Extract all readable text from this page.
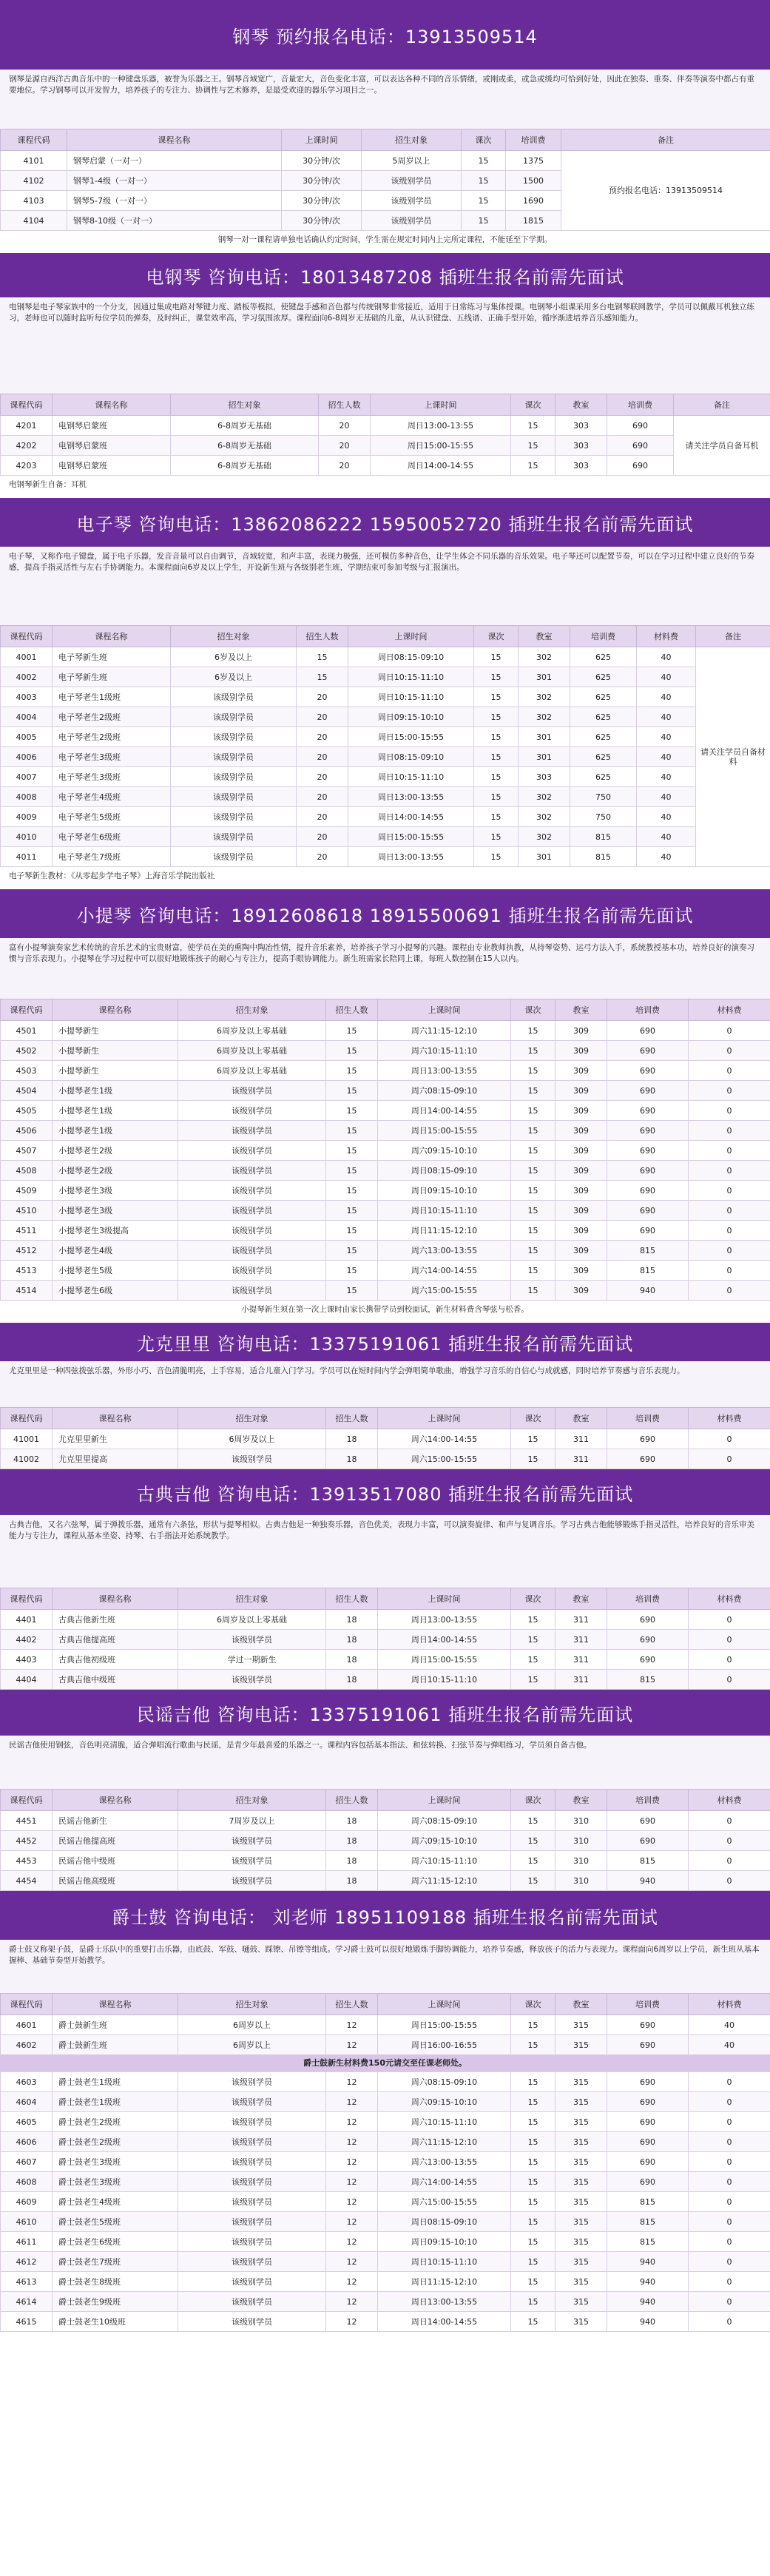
钢琴 预约报名电话：13913509514
钢琴是源自西洋古典音乐中的一种键盘乐器，被誉为乐器之王。钢琴音域宽广，音量宏大，音色变化丰富，可以表达各种不同的音乐情绪，或刚或柔，或急或缓均可恰到好处，因此在独奏、重奏、伴奏等演奏中都占有重要地位。学习钢琴可以开发智力，培养孩子的专注力、协调性与艺术修养，是最受欢迎的器乐学习项目之一。
课程代码	课程名称	上课时间	招生对象	课次	培训费	备注
4101	钢琴启蒙（一对一）	30分钟/次	5周岁以上	15	1375	预约报名电话：13913509514
4102	钢琴1-4级（一对一）	30分钟/次	该级别学员	15	1500	
4103	钢琴5-7级（一对一）	30分钟/次	该级别学员	15	1690	
4104	钢琴8-10级（一对一）	30分钟/次	该级别学员	15	1815	
钢琴一对一课程请单独电话确认约定时间，学生需在规定时间内上完所定课程，不能延至下学期。
电钢琴 咨询电话：18013487208 插班生报名前需先面试
电钢琴是电子琴家族中的一个分支，因通过集成电路对琴键力度、踏板等模拟，使键盘手感和音色都与传统钢琴非常接近，适用于日常练习与集体授课。电钢琴小组课采用多台电钢琴联网教学，学员可以佩戴耳机独立练习，老师也可以随时监听每位学员的弹奏，及时纠正，课堂效率高，学习氛围浓厚。课程面向6-8周岁无基础的儿童，从认识键盘、五线谱、正确手型开始，循序渐进培养音乐感知能力。
课程代码	课程名称	招生对象	招生人数	上课时间	课次	教室	培训费	备注
4201	电钢琴启蒙班	6-8周岁无基础	20	周日13:00-13:55	15	303	690	请关注学员自备耳机
4202	电钢琴启蒙班	6-8周岁无基础	20	周日15:00-15:55	15	303	690	
4203	电钢琴启蒙班	6-8周岁无基础	20	周日14:00-14:55	15	303	690	
电钢琴新生自备：耳机
电子琴 咨询电话：13862086222 15950052720 插班生报名前需先面试
电子琴，又称作电子键盘，属于电子乐器，发音音量可以自由调节，音域较宽，和声丰富，表现力极强，还可模仿多种音色，让学生体会不同乐器的音乐效果。电子琴还可以配置节奏，可以在学习过程中建立良好的节奏感，提高手指灵活性与左右手协调能力。本课程面向6岁及以上学生，开设新生班与各级别老生班，学期结束可参加考级与汇报演出。
课程代码	课程名称	招生对象	招生人数	上课时间	课次	教室	培训费	材料费	备注
4001	电子琴新生班	6岁及以上	15	周日08:15-09:10	15	302	625	40	请关注学员自备材料
4002	电子琴新生班	6岁及以上	15	周日10:15-11:10	15	301	625	40	
4003	电子琴老生1级班	该级别学员	20	周日10:15-11:10	15	302	625	40	
4004	电子琴老生2级班	该级别学员	20	周日09:15-10:10	15	302	625	40	
4005	电子琴老生2级班	该级别学员	20	周日15:00-15:55	15	301	625	40	
4006	电子琴老生3级班	该级别学员	20	周日08:15-09:10	15	301	625	40	
4007	电子琴老生3级班	该级别学员	20	周日10:15-11:10	15	303	625	40	
4008	电子琴老生4级班	该级别学员	20	周日13:00-13:55	15	302	750	40	
4009	电子琴老生5级班	该级别学员	20	周日14:00-14:55	15	302	750	40	
4010	电子琴老生6级班	该级别学员	20	周日15:00-15:55	15	302	815	40	
4011	电子琴老生7级班	该级别学员	20	周日13:00-13:55	15	301	815	40	
电子琴新生教材：《从零起步学电子琴》上海音乐学院出版社
小提琴 咨询电话：18912608618 18915500691 插班生报名前需先面试
富有小提琴演奏家艺术传统的音乐艺术的宝贵财富，使学员在美的熏陶中陶冶性情，提升音乐素养，培养孩子学习小提琴的兴趣。课程由专业教师执教，从持琴姿势、运弓方法入手，系统教授基本功，培养良好的演奏习惯与音乐表现力。小提琴在学习过程中可以很好地锻炼孩子的耐心与专注力，提高手眼协调能力。新生班需家长陪同上课，每班人数控制在15人以内。
课程代码	课程名称	招生对象	招生人数	上课时间	课次	教室	培训费	材料费
4501	小提琴新生	6周岁及以上零基础	15	周六11:15-12:10	15	309	690	0
4502	小提琴新生	6周岁及以上零基础	15	周六10:15-11:10	15	309	690	0
4503	小提琴新生	6周岁及以上零基础	15	周日13:00-13:55	15	309	690	0
4504	小提琴老生1级	该级别学员	15	周六08:15-09:10	15	309	690	0
4505	小提琴老生1级	该级别学员	15	周日14:00-14:55	15	309	690	0
4506	小提琴老生1级	该级别学员	15	周日15:00-15:55	15	309	690	0
4507	小提琴老生2级	该级别学员	15	周六09:15-10:10	15	309	690	0
4508	小提琴老生2级	该级别学员	15	周日08:15-09:10	15	309	690	0
4509	小提琴老生3级	该级别学员	15	周日09:15-10:10	15	309	690	0
4510	小提琴老生3级	该级别学员	15	周日10:15-11:10	15	309	690	0
4511	小提琴老生3级提高	该级别学员	15	周日11:15-12:10	15	309	690	0
4512	小提琴老生4级	该级别学员	15	周六13:00-13:55	15	309	815	0
4513	小提琴老生5级	该级别学员	15	周六14:00-14:55	15	309	815	0
4514	小提琴老生6级	该级别学员	15	周六15:00-15:55	15	309	940	0
小提琴新生须在第一次上课时由家长携带学员到校面试，新生材料费含琴弦与松香。
尤克里里 咨询电话：13375191061 插班生报名前需先面试
尤克里里是一种四弦拨弦乐器，外形小巧、音色清脆明亮，上手容易，适合儿童入门学习。学员可以在短时间内学会弹唱简单歌曲，增强学习音乐的自信心与成就感，同时培养节奏感与音乐表现力。
课程代码	课程名称	招生对象	招生人数	上课时间	课次	教室	培训费	材料费
41001	尤克里里新生	6周岁及以上	18	周六14:00-14:55	15	311	690	0
41002	尤克里里提高	该级别学员	18	周六15:00-15:55	15	311	690	0
古典吉他 咨询电话：13913517080 插班生报名前需先面试
古典吉他，又名六弦琴，属于弹拨乐器，通常有六条弦，形状与提琴相似。古典吉他是一种独奏乐器，音色优美，表现力丰富，可以演奏旋律、和声与复调音乐。学习古典吉他能够锻炼手指灵活性，培养良好的音乐审美能力与专注力，课程从基本坐姿、持琴、右手指法开始系统教学。
课程代码	课程名称	招生对象	招生人数	上课时间	课次	教室	培训费	材料费
4401	古典吉他新生班	6周岁及以上零基础	18	周日13:00-13:55	15	311	690	0
4402	古典吉他提高班	该级别学员	18	周日14:00-14:55	15	311	690	0
4403	古典吉他初级班	学过一期新生	18	周日15:00-15:55	15	311	690	0
4404	古典吉他中级班	该级别学员	18	周日10:15-11:10	15	311	815	0
民谣吉他 咨询电话：13375191061 插班生报名前需先面试
民谣吉他使用钢弦，音色明亮清脆，适合弹唱流行歌曲与民谣，是青少年最喜爱的乐器之一。课程内容包括基本指法、和弦转换、扫弦节奏与弹唱练习，学员须自备吉他。
课程代码	课程名称	招生对象	招生人数	上课时间	课次	教室	培训费	材料费
4451	民谣吉他新生	7周岁及以上	18	周六08:15-09:10	15	310	690	0
4452	民谣吉他提高班	该级别学员	18	周六09:15-10:10	15	310	690	0
4453	民谣吉他中级班	该级别学员	18	周六10:15-11:10	15	310	815	0
4454	民谣吉他高级班	该级别学员	18	周六11:15-12:10	15	310	940	0
爵士鼓 咨询电话： 刘老师 18951109188 插班生报名前需先面试
爵士鼓又称架子鼓，是爵士乐队中的重要打击乐器，由底鼓、军鼓、嗵鼓、踩镲、吊镲等组成。学习爵士鼓可以很好地锻炼手脚协调能力，培养节奏感，释放孩子的活力与表现力。课程面向6周岁以上学员，新生班从基本握棒、基础节奏型开始教学。
课程代码	课程名称	招生对象	招生人数	上课时间	课次	教室	培训费	材料费
4601	爵士鼓新生班	6周岁以上	12	周日15:00-15:55	15	315	690	40
4602	爵士鼓新生班	6周岁以上	12	周日16:00-16:55	15	315	690	40
爵士鼓新生材料费150元请交至任课老师处。
4603	爵士鼓老生1级班	该级别学员	12	周六08:15-09:10	15	315	690	0
4604	爵士鼓老生1级班	该级别学员	12	周六09:15-10:10	15	315	690	0
4605	爵士鼓老生2级班	该级别学员	12	周六10:15-11:10	15	315	690	0
4606	爵士鼓老生2级班	该级别学员	12	周六11:15-12:10	15	315	690	0
4607	爵士鼓老生3级班	该级别学员	12	周六13:00-13:55	15	315	690	0
4608	爵士鼓老生3级班	该级别学员	12	周六14:00-14:55	15	315	690	0
4609	爵士鼓老生4级班	该级别学员	12	周六15:00-15:55	15	315	815	0
4610	爵士鼓老生5级班	该级别学员	12	周日08:15-09:10	15	315	815	0
4611	爵士鼓老生6级班	该级别学员	12	周日09:15-10:10	15	315	815	0
4612	爵士鼓老生7级班	该级别学员	12	周日10:15-11:10	15	315	940	0
4613	爵士鼓老生8级班	该级别学员	12	周日11:15-12:10	15	315	940	0
4614	爵士鼓老生9级班	该级别学员	12	周日13:00-13:55	15	315	940	0
4615	爵士鼓老生10级班	该级别学员	12	周日14:00-14:55	15	315	940	0
